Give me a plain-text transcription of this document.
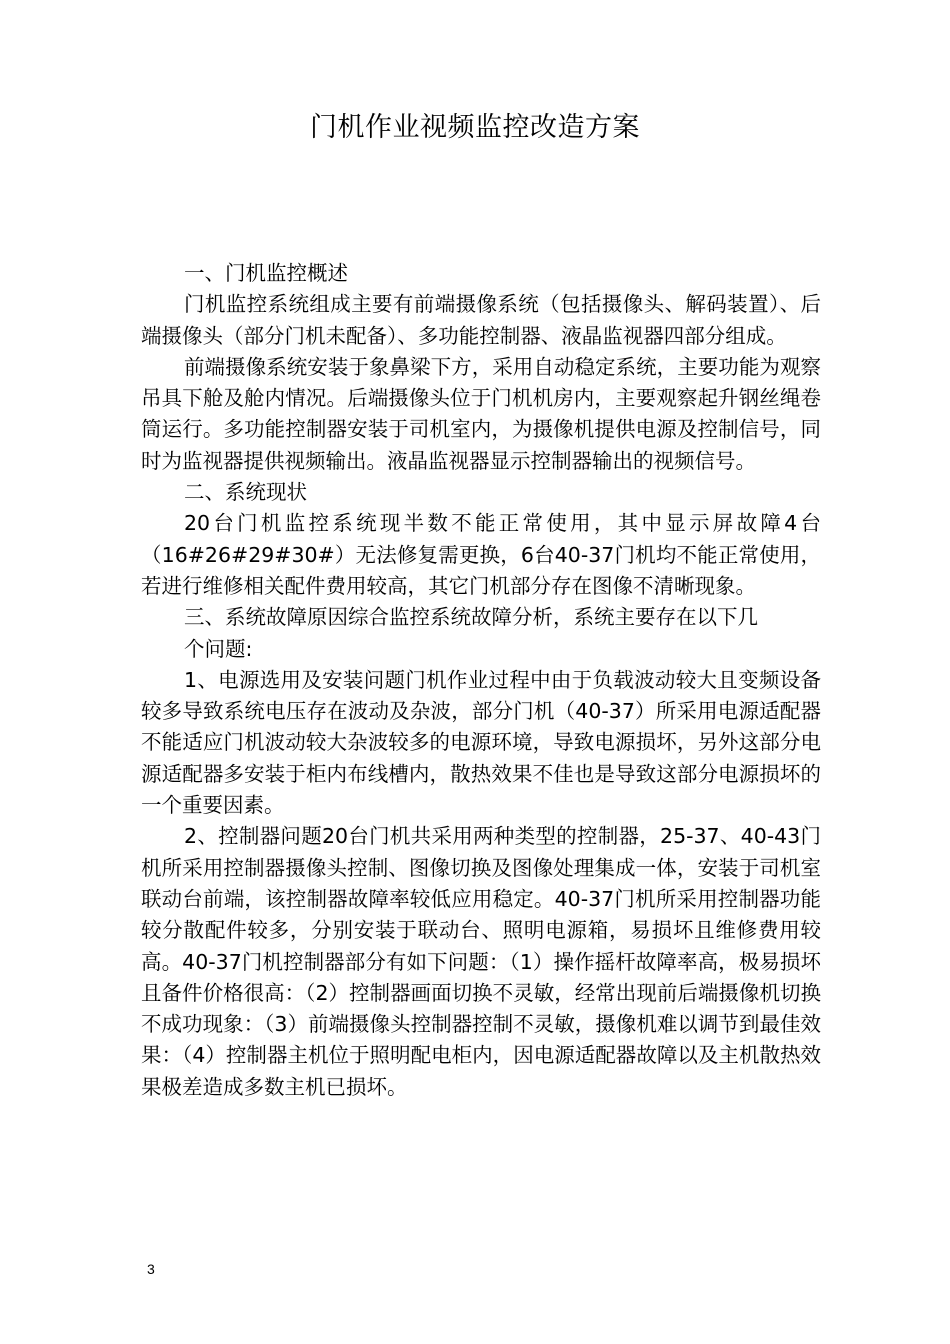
门机作业视频监控改造方案

一、门机监控概述

门机监控系统组成主要有前端摄像系统（包括摄像头、解码装置）、后端摄像头（部分门机未配备）、多功能控制器、液晶监视器四部分组成。

前端摄像系统安装于象鼻梁下方，采用自动稳定系统，主要功能为观察吊具下舱及舱内情况。后端摄像头位于门机机房内，主要观察起升钢丝绳卷筒运行。多功能控制器安装于司机室内，为摄像机提供电源及控制信号，同时为监视器提供视频输出。液晶监视器显示控制器输出的视频信号。

二、系统现状

20台门机监控系统现半数不能正常使用，其中显示屏故障4台（16#26#29#30#）无法修复需更换，6台40-37门机均不能正常使用，若进行维修相关配件费用较高，其它门机部分存在图像不清晰现象。

三、系统故障原因综合监控系统故障分析，系统主要存在以下几

个问题:

1、电源选用及安装问题门机作业过程中由于负载波动较大且变频设备较多导致系统电压存在波动及杂波，部分门机（40-37）所采用电源适配器不能适应门机波动较大杂波较多的电源环境，导致电源损坏，另外这部分电源适配器多安装于柜内布线槽内，散热效果不佳也是导致这部分电源损坏的一个重要因素。

2、控制器问题20台门机共采用两种类型的控制器，25-37、40-43门机所采用控制器摄像头控制、图像切换及图像处理集成一体，安装于司机室联动台前端，该控制器故障率较低应用稳定。40-37门机所采用控制器功能较分散配件较多，分别安装于联动台、照明电源箱，易损坏且维修费用较高。40-37门机控制器部分有如下问题：（1）操作摇杆故障率高，极易损坏且备件价格很高：（2）控制器画面切换不灵敏，经常出现前后端摄像机切换不成功现象：（3）前端摄像头控制器控制不灵敏，摄像机难以调节到最佳效果：（4）控制器主机位于照明配电柜内，因电源适配器故障以及主机散热效果极差造成多数主机已损坏。

3
